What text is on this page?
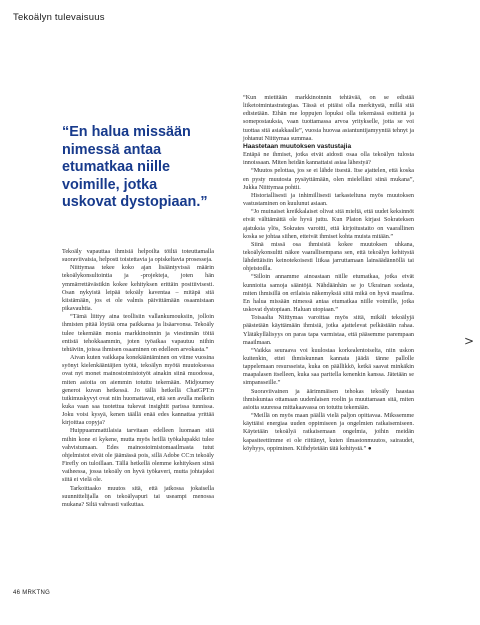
Tekoälyn tulevaisuus
“En halua missään nimessä antaa etumatkaa niille voimille, jotka uskovat dystopiaan.”

Tekoäly vapauttaa ihmisiä helpoilta töiltä toteuttamalla suoraviivaisia, helposti toistettavia ja opiskeltavia prosesseja.

Niittymaa tekee koko ajan lisääntyvissä määrin tekoälykonsultointia ja -projekteja, joten hän ymmärrettävästikin kokee kehityksen erittäin positiivisesti. Osan nykyistä leipää tekoäly kaventaa – mitäpä sitä kiistämään, jos ei ole valmis päivittämään osaamistaan pikavauhtia.

“Tämä liittyy aina teollisiin vallankumouksiin, jolloin ihmisten pitää löytää oma paikkansa ja lisäarvonsa. Tekoäly tulee tekemään monia markkinoinnin ja viestinnän töitä entistä tehokkaammin, joten työaikaa vapautuu niihin tehtäviin, joissa ihmisen osaaminen on edelleen arvokasta.”

Aivan kuten vaikkapa konekääntäminen on viime vuosina syönyt kielenkääntäjien työtä, tekoälyn myötä muutoksessa ovat nyt monet mainostoimistotyöt ainakin siinä muodossa, miten asioita on aiemmin totuttu tekemään. Midjourney generoi kuvan hetkessä. Jo tällä hetkellä ChatGPT:n tutkimuskyvyt ovat niin huomattavat, että sen avulla melkein kuka vaan saa tuotettua tukevat insightit parissa tunnissa. Joku voisi kysyä, kenen täällä enää edes kannattaa yrittää kirjoittaa copyja?

Huippuammattilaisia tarvitaan edelleen luomaan sitä mihin kone ei kykene, mutta myös heillä työkalupakki tulee vahvistumaan. Edes mainostoimistomaailmasta tutut ohjelmistot eivät ole jäämässä pois, sillä Adobe CC:n tekoäly Firefly on tuloillaan. Tällä hetkellä olemme kehityksen siinä vaiheessa, jossa tekoäly on hyvä työkaveri, mutta johtajaksi siitä ei vielä ole.

Tarkoittaako muutos sitä, että jatkossa jokaisella suunnittelijalla on tekoälyapuri tai useampi menossa mukana? Siltä vahvasti vaikuttaa.

“Kun mietitään markkinoinnin tehtävää, on se edistää liiketoimintastrategiaa. Tässä ei pitäisi olla merkitystä, millä sitä edistetään. Eihän me loppujen lopuksi olla tekemässä esitteitä ja somepostauksia, vaan tuottamassa arvoa yritykselle, jotta se voi tuottaa sitä asiakkaalle”, vuosia huovaa asiantuntijamyyntiä tehnyt ja johtanut Niittymaa summaa.

Haastetaan muutoksen vastustajia

Entäpä ne ihmiset, jotka eivät aidosti osaa olla tekoälyn tulosta innoissaan. Miten heidän kannattaisi asiaa lähestyä?

“Muutos pelottaa, jos se ei lähde itsestä. Itse ajattelen, että koska en pysty muutosta pysäyttämään, olen mielelläni siinä mukana”, Jukka Niittymaa pohtii.

Historiallisesti ja inhimillisesti tarkasteltuna myös muutoksen vastustaminen on kuulunut asiaan.

“Jo muinaiset kreikkalaiset olivat sitä mieltä, että uudet keksinnöt eivät välttämättä ole hyvä juttu. Kun Platon kirjasi Sokrateksen ajatuksia ylös, Sokrates varoitti, että kirjoitustaito on vaarallinen koska se johtaa siihen, etteivät ihmiset kohta muista mitään.”

Siinä missä osa ihmisistä kokee muutoksen uhkana, tekoälykonsultti näkee vaarallisempana sen, että tekoälyn kehitystä lähdettäisiin keinotekoisesti liikaa jarruttamaan lainsäädännöllä tai ohjeistoilla.

“Silloin annamme ainoastaan niille etumatkaa, jotka eivät kunnioita samoja sääntöjä. Nähdäänhän se jo Ukrainan sodasta, miten ihmisillä on erilaisia näkemyksiä siitä mikä on hyvä maailma. En halua missään nimessä antaa etumatkaa niille voimille, jotka uskovat dystopiaan. Haluan utopiaan.”

Toisaalta Niittymaa varoittaa myös siitä, mikäli tekoälyjä päästetään käyttämään ihmisiä, jotka ajattelevat pelkästään rahaa. Ylätäkyllälisyys on paras tapa varmistaa, että pääsemme parempaan maailmaan.

“Vaikka seuraava voi kuulostaa korkealentoiselta, niin uskon kuitenkin, ettei ihmiskunnan kannata jäädä tänne pallolle tappelemaan resursseista, kuka on päällikkö, ketkä saavat minkäkin maapalasen itselleen, kuka saa paritella kenenkin kanssa. Jätetään se simpansseille.”

Suoraviivainen ja äärimmäisen tehokas tekoäly haastaa ihmiskuntaa ottamaan uudenlaisen roolin ja muuttamaan sitä, miten asioita suuressa mittakaavassa on totuttu tekemään.

“Meillä on myös maan päällä vielä paljon opittavaa. Mikssemme käyttäisi energiaa uuden oppimiseen ja ongelmien ratkaisemiseen. Käytetään tekoälyä ratkaisemaan ongelmia, joihin meidän kapasiteettimme ei ole riittänyt, kuten ilmastonmuutos, sairaudet, köyhyys, oppiminen. Kiihdytetään tätä kehitystä.” ●

46 MRKTNG
>
